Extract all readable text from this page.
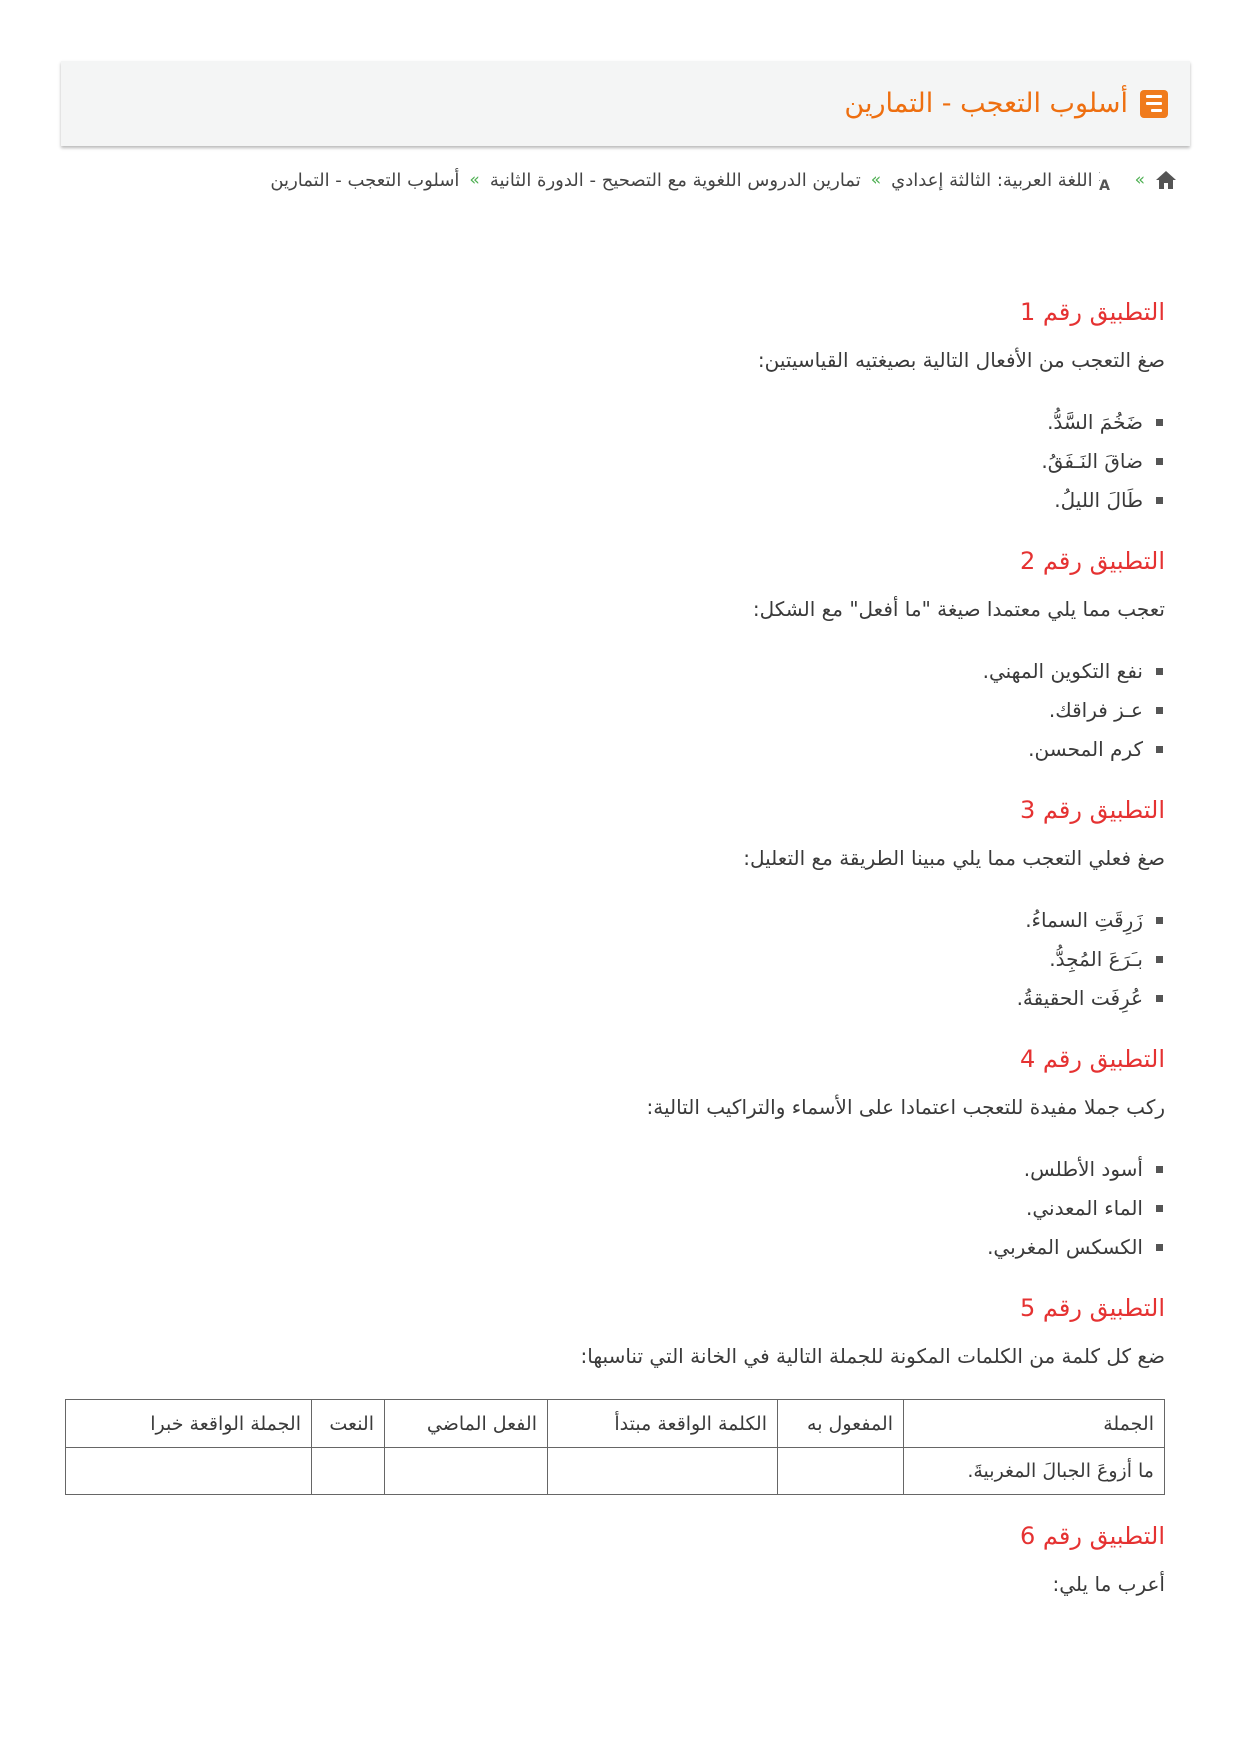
أسلوب التعجب - التمارين
»
A
اللغة العربية: الثالثة إعدادي
»
تمارين الدروس اللغوية مع التصحيح - الدورة الثانية
»
أسلوب التعجب - التمارين
التطبيق رقم 1

صغ التعجب من الأفعال التالية بصيغتيه القياسيتين:

ضَخُمَ السَّدُّ.
ضاقَ النَـفَقُ.
طَالَ الليلُ.
التطبيق رقم 2

تعجب مما يلي معتمدا صيغة "ما أفعل" مع الشكل:

نفع التكوين المهني.
عـز فراقك.
كرم المحسن.
التطبيق رقم 3

صغ فعلي التعجب مما يلي مبينا الطريقة مع التعليل:

زَرِقَتِ السماءُ.
بـَرَعَ المُجِدُّ.
عُرِفَت الحقيقةُ.
التطبيق رقم 4

ركب جملا مفيدة للتعجب اعتمادا على الأسماء والتراكيب التالية:

أسود الأطلس.
الماء المعدني.
الكسكس المغربي.
التطبيق رقم 5

ضع كل كلمة من الكلمات المكونة للجملة التالية في الخانة التي تناسبها:

الجملة	المفعول به	الكلمة الواقعة مبتدأ	الفعل الماضي	النعت	الجملة الواقعة خبرا
ما أزوعَ الجبالَ المغربيةَ.					
التطبيق رقم 6

أعرب ما يلي:
